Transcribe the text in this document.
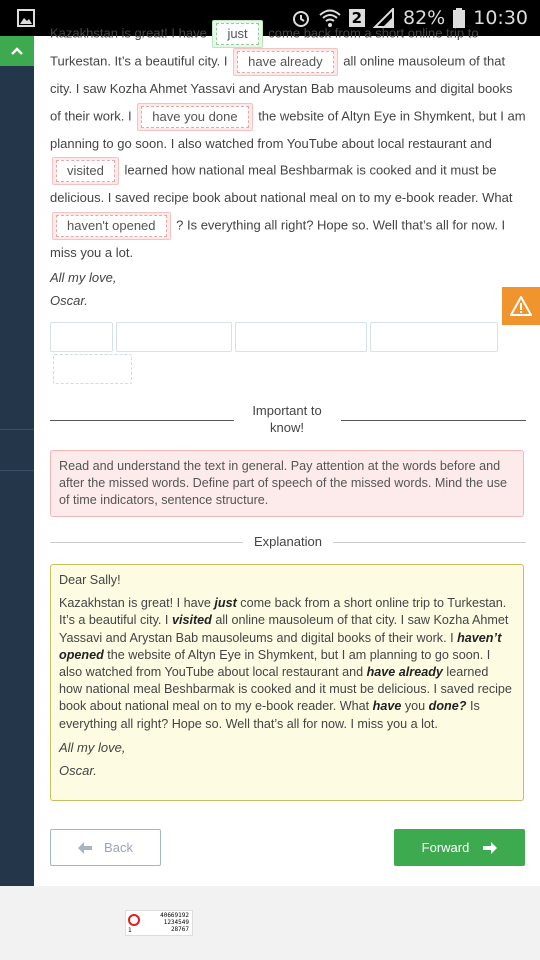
2 82% 10:30
Kazakhstan is great! I have just come back from a short online trip to Turkestan. It’s a beautiful city. I have already all online mausoleum of that city. I saw Kozha Ahmet Yassavi and Arystan Bab mausoleums and digital books of their work. I have you done the website of Altyn Eye in Shymkent, but I am planning to go soon. I also watched from YouTube about local restaurant and visited learned how national meal Beshbarmak is cooked and it must be delicious. I saved recipe book about national meal on to my e-book reader. What haven't opened ? Is everything all right? Hope so. Well that’s all for now. I miss you a lot.
All my love,
Oscar.
Important to know!
Read and understand the text in general. Pay attention at the words before and after the missed words. Define part of speech of the missed words. Mind the use of time indicators, sentence structure.
Explanation

Dear Sally!

Kazakhstan is great! I have just come back from a short online trip to Turkestan. It’s a beautiful city. I visited all online mausoleum of that city. I saw Kozha Ahmet Yassavi and Arystan Bab mausoleums and digital books of their work. I haven’t opened the website of Altyn Eye in Shymkent, but I am planning to go soon. I also watched from YouTube about local restaurant and have already learned how national meal Beshbarmak is cooked and it must be delicious. I saved recipe book about national meal on to my e-book reader. What have you done? Is everything all right? Hope so. Well that’s all for now. I miss you a lot.

All my love,

Oscar.

Back	Forward
40669192
1234549
28767
1
